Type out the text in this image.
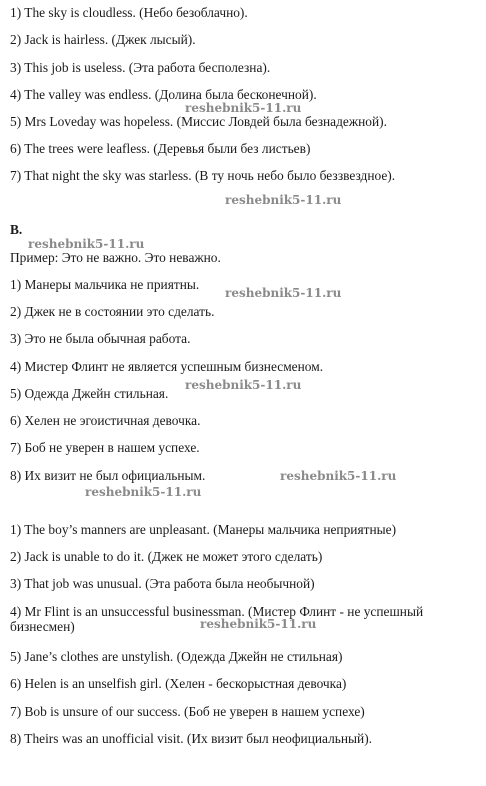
1) The sky is cloudless. (Небо безоблачно).
2) Jack is hairless. (Джек лысый).
3) This job is useless. (Эта работа бесполезна).
4) The valley was endless. (Долина была бесконечной).
5) Mrs Loveday was hopeless. (Миссис Ловдей была безнадежной).
6) The trees were leafless. (Деревья были без листьев)
7) That night the sky was starless. (В ту ночь небо было беззвездное).
B.
Пример: Это не важно. Это неважно.
1) Манеры мальчика не приятны.
2) Джек не в состоянии это сделать.
3) Это не была обычная работа.
4) Мистер Флинт не является успешным бизнесменом.
5) Одежда Джейн стильная.
6) Хелен не эгоистичная девочка.
7) Боб не уверен в нашем успехе.
8) Их визит не был официальным.
1) The boy’s manners are unpleasant. (Манеры мальчика неприятные)
2) Jack is unable to do it. (Джек не может этого сделать)
3) That job was unusual. (Эта работа была необычной)
4) Mr Flint is an unsuccessful businessman. (Мистер Флинт - не успешный бизнесмен)
5) Jane’s clothes are unstylish. (Одежда Джейн не стильная)
6) Helen is an unselfish girl. (Хелен - бескорыстная девочка)
7) Bob is unsure of our success. (Боб не уверен в нашем успехе)
8) Theirs was an unofficial visit. (Их визит был неофициальный).
reshebnik5-11.ru
reshebnik5-11.ru
reshebnik5-11.ru
reshebnik5-11.ru
reshebnik5-11.ru
reshebnik5-11.ru
reshebnik5-11.ru
reshebnik5-11.ru
